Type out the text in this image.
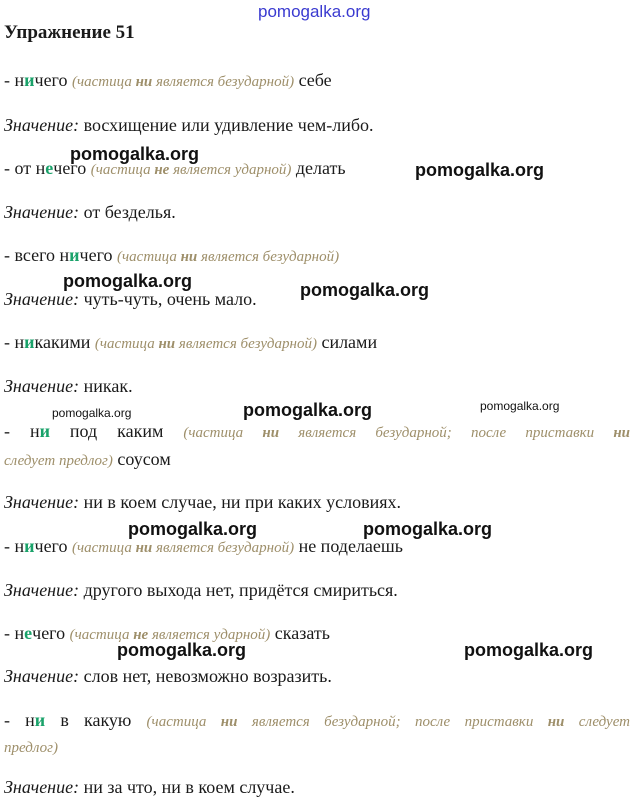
pomogalka.org
Упражнение 51
- ничего (частица ни является безударной) себе
Значение: восхищение или удивление чем-либо.
- от нечего (частица не является ударной) делать
Значение: от безделья.
- всего ничего (частица ни является безударной)
Значение: чуть-чуть, очень мало.
- никакими (частица ни является безударной) силами
Значение: никак.
- ни под каким (частица ни является безударной; после приставки ни
следует предлог) соусом
Значение: ни в коем случае, ни при каких условиях.
- ничего (частица ни является безударной) не поделаешь
Значение: другого выхода нет, придётся смириться.
- нечего (частица не является ударной) сказать
Значение: слов нет, невозможно возразить.
- ни в какую (частица ни является безударной; после приставки ни следует
предлог)
Значение: ни за что, ни в коем случае.
pomogalka.org
pomogalka.org
pomogalka.org	pomogalka.org
pomogalka.org	pomogalka.org	pomogalka.org
pomogalka.org	pomogalka.org
pomogalka.org	pomogalka.org
